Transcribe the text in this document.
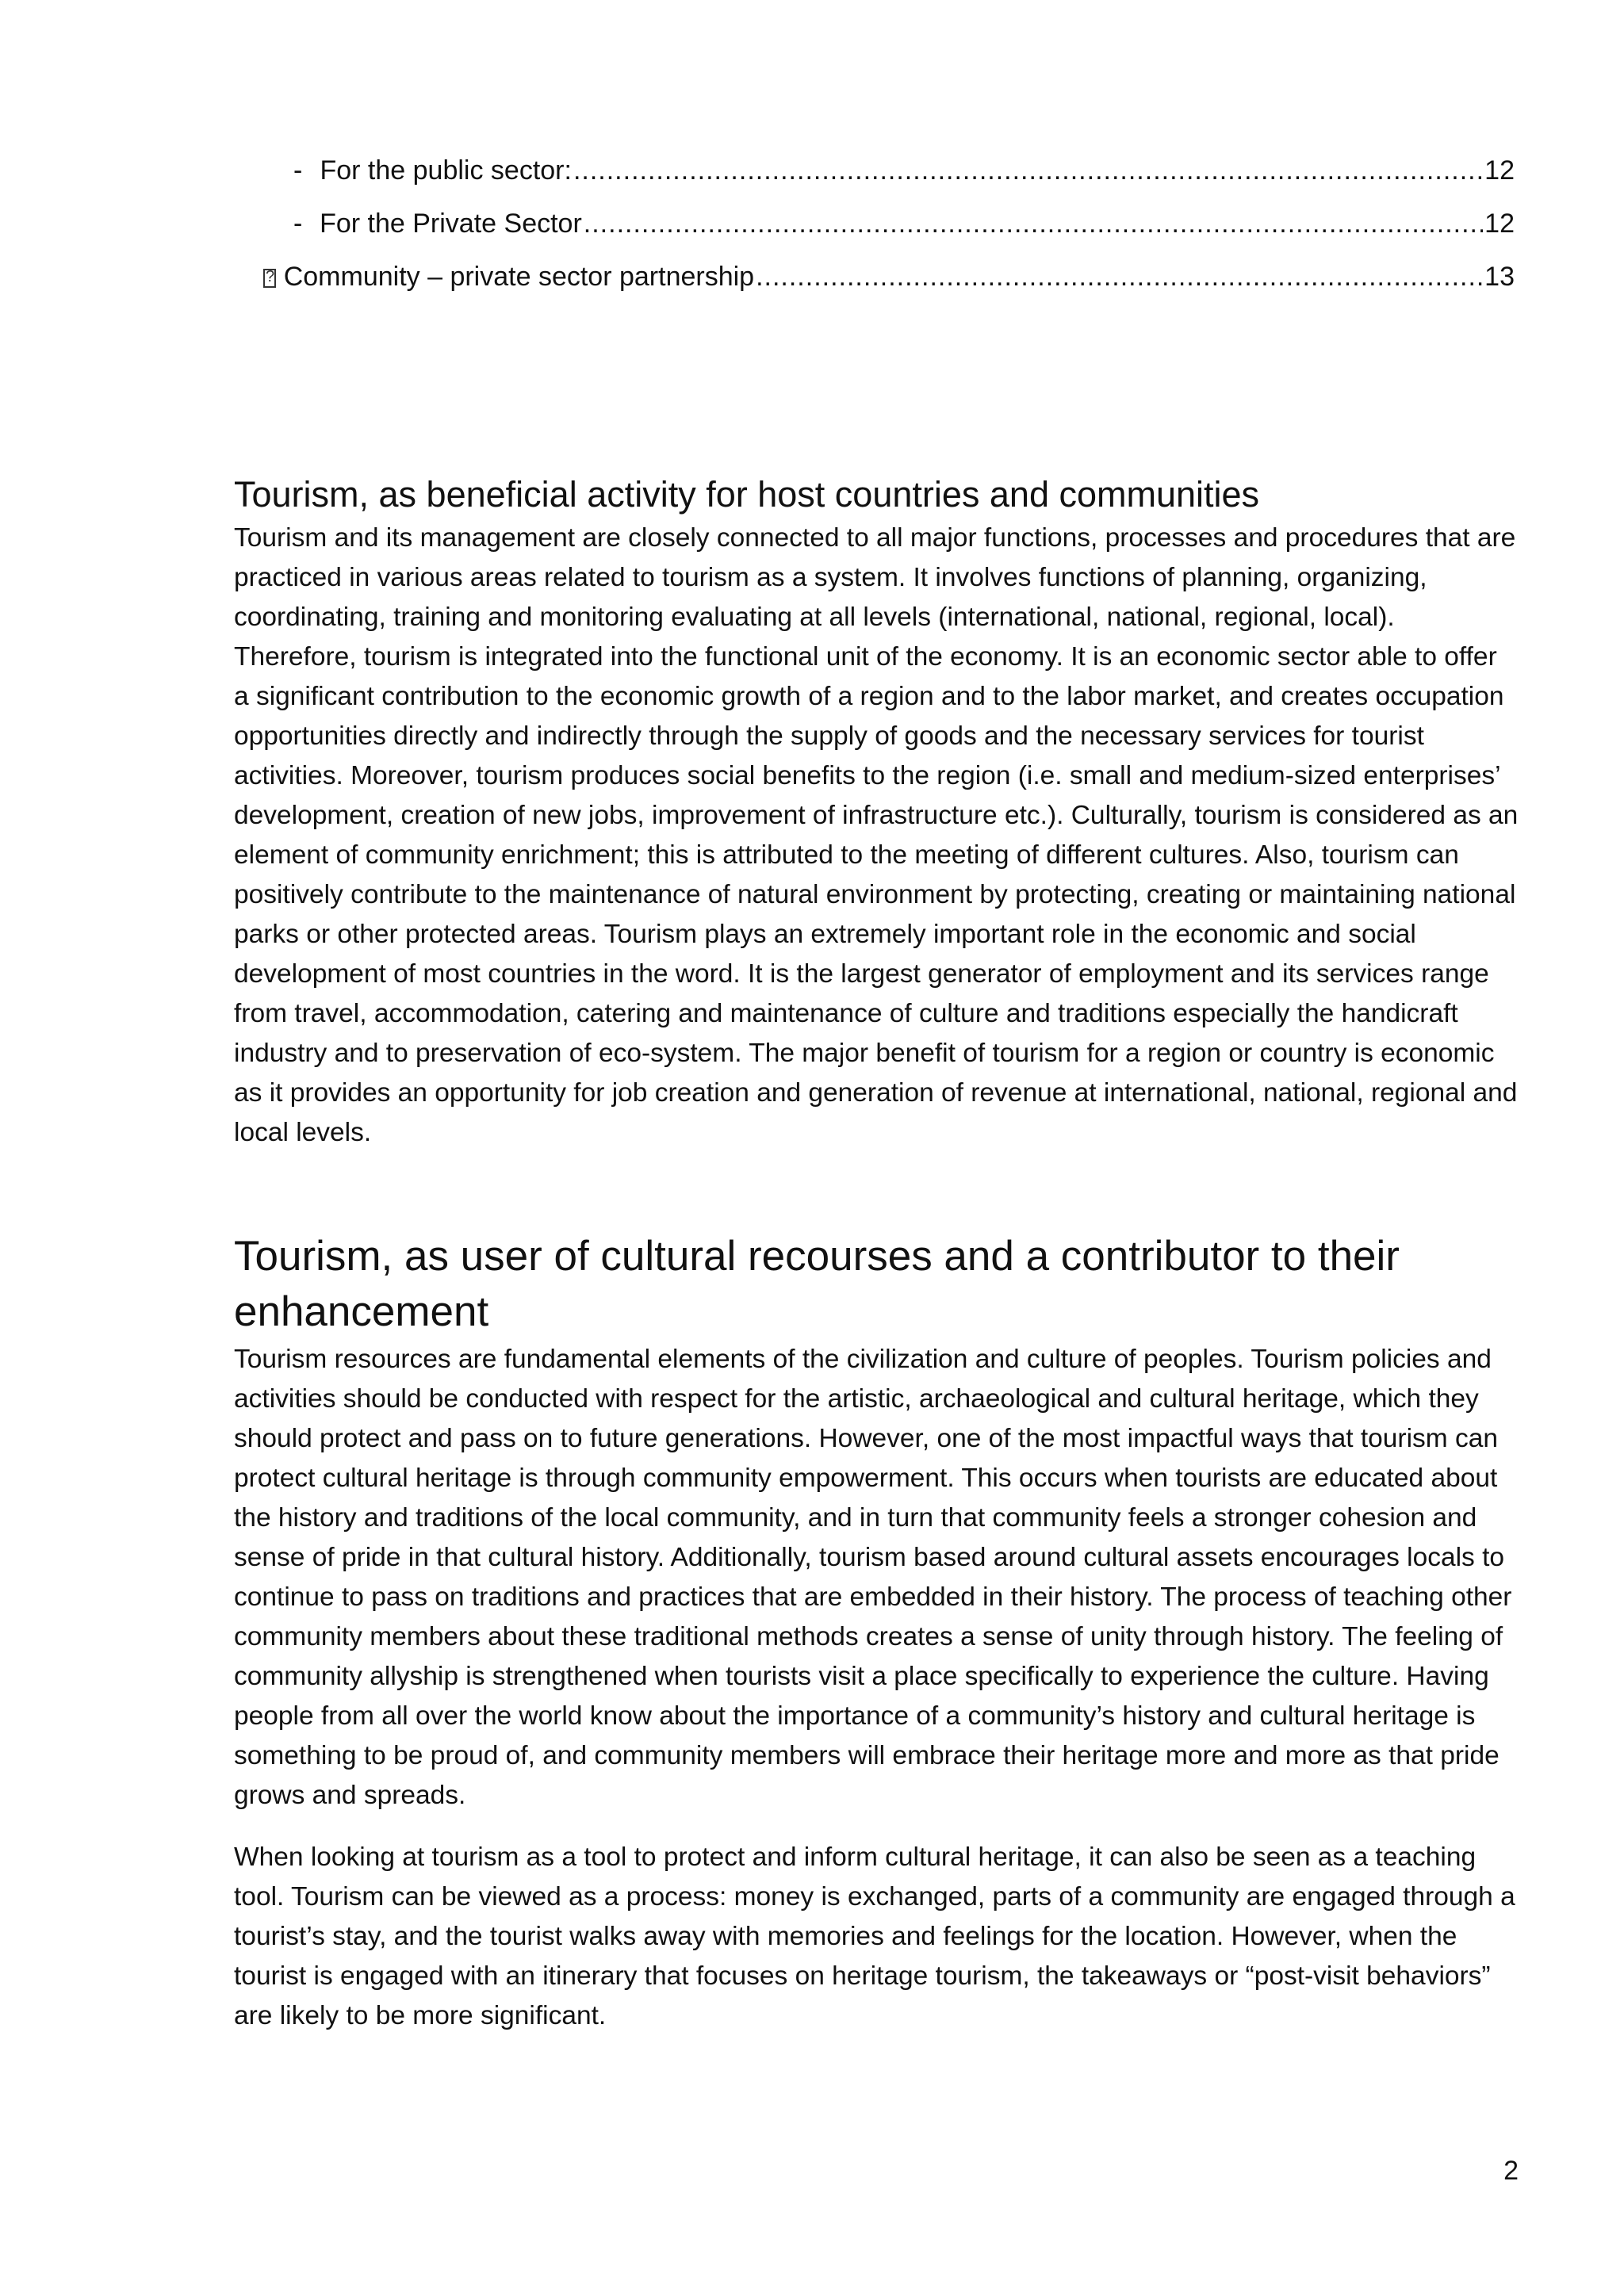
- For the public sector: .....	12
- For the Private Sector .....	12
?
Community – private sector partnership .....	13
Tourism, as beneficial activity for host countries and communities

Tourism and its management are closely connected to all major functions, processes and procedures that are practiced in various areas related to tourism as a system. It involves functions of planning, organizing, coordinating, training and monitoring evaluating at all levels (international, national, regional, local). Therefore, tourism is integrated into the functional unit of the economy. It is an economic sector able to offer a significant contribution to the economic growth of a region and to the labor market, and creates occupation opportunities directly and indirectly through the supply of goods and the necessary services for tourist activities. Moreover, tourism produces social benefits to the region (i.e. small and medium-sized enterprises’ development, creation of new jobs, improvement of infrastructure etc.). Culturally, tourism is considered as an element of community enrichment; this is attributed to the meeting of different cultures. Also, tourism can positively contribute to the maintenance of natural environment by protecting, creating or maintaining national parks or other protected areas. Tourism plays an extremely important role in the economic and social development of most countries in the word. It is the largest generator of employment and its services range from travel, accommodation, catering and maintenance of culture and traditions especially the handicraft industry and to preservation of eco-system. The major benefit of tourism for a region or country is economic as it provides an opportunity for job creation and generation of revenue at international, national, regional and local levels.

Tourism, as user of cultural recourses and a contributor to their enhancement

Tourism resources are fundamental elements of the civilization and culture of peoples. Tourism policies and activities should be conducted with respect for the artistic, archaeological and cultural heritage, which they should protect and pass on to future generations. However, one of the most impactful ways that tourism can protect cultural heritage is through community empowerment. This occurs when tourists are educated about the history and traditions of the local community, and in turn that community feels a stronger cohesion and sense of pride in that cultural history. Additionally, tourism based around cultural assets encourages locals to continue to pass on traditions and practices that are embedded in their history. The process of teaching other community members about these traditional methods creates a sense of unity through history. The feeling of community allyship is strengthened when tourists visit a place specifically to experience the culture. Having people from all over the world know about the importance of a community’s history and cultural heritage is something to be proud of, and community members will embrace their heritage more and more as that pride grows and spreads.

When looking at tourism as a tool to protect and inform cultural heritage, it can also be seen as a teaching tool. Tourism can be viewed as a process: money is exchanged, parts of a community are engaged through a tourist’s stay, and the tourist walks away with memories and feelings for the location. However, when the tourist is engaged with an itinerary that focuses on heritage tourism, the takeaways or “post-visit behaviors” are likely to be more significant.

2
